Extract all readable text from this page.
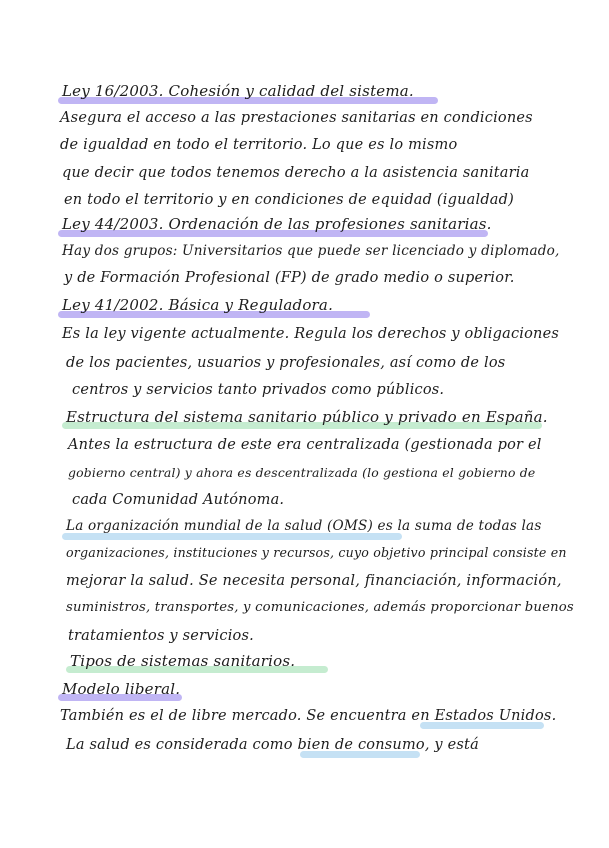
Ley 16/2003. Cohesión y calidad del sistema.

Asegura el acceso a las prestaciones sanitarias en condiciones

de igualdad en todo el territorio. Lo que es lo mismo

que decir que todos tenemos derecho a la asistencia sanitaria

en todo el territorio y en condiciones de equidad (igualdad)

Ley 44/2003. Ordenación de las profesiones sanitarias.

Hay dos grupos: Universitarios que puede ser licenciado y diplomado,

y de Formación Profesional (FP) de grado medio o superior.

Ley 41/2002. Básica y Reguladora.

Es la ley vigente actualmente. Regula los derechos y obligaciones

de los pacientes, usuarios y profesionales, así como de los

centros y servicios tanto privados como públicos.

Estructura del sistema sanitario público y privado en España.

Antes la estructura de este era centralizada (gestionada por el

gobierno central) y ahora es descentralizada (lo gestiona el gobierno de

cada Comunidad Autónoma.

La organización mundial de la salud (OMS) es la suma de todas las

organizaciones, instituciones y recursos, cuyo objetivo principal consiste en

mejorar la salud. Se necesita personal, financiación, información,

suministros, transportes, y comunicaciones, además proporcionar buenos

tratamientos y servicios.

Tipos de sistemas sanitarios.

Modelo liberal.

También es el de libre mercado. Se encuentra en Estados Unidos.

La salud es considerada como bien de consumo, y está
